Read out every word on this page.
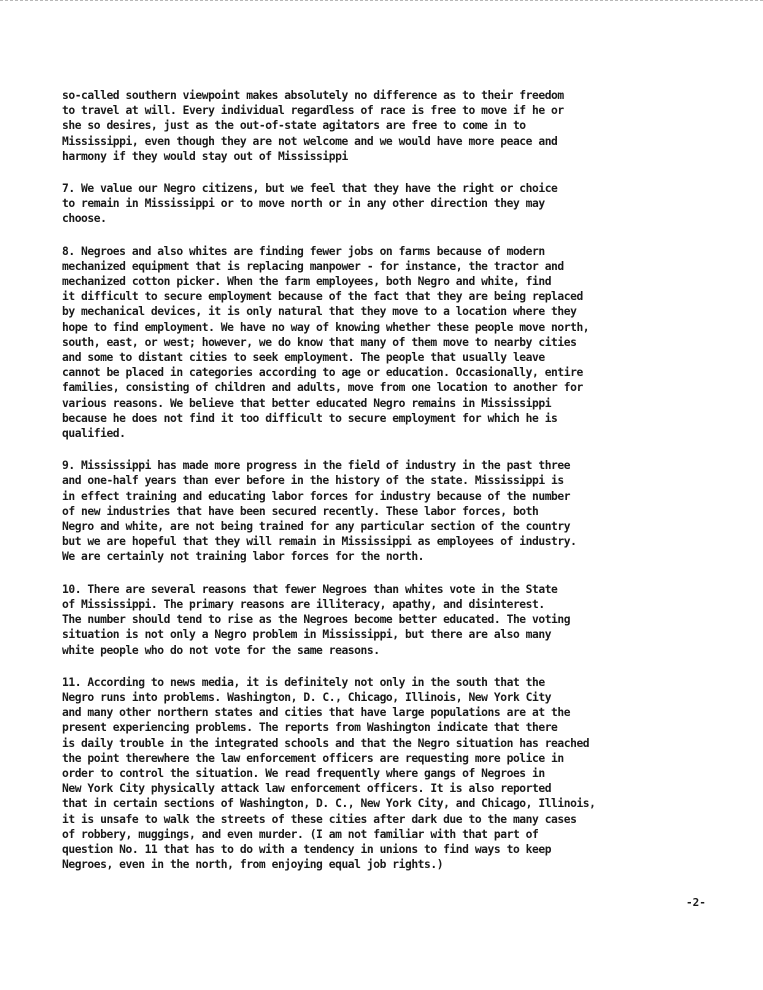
so-called southern viewpoint makes absolutely no difference as to their freedom
to travel at will. Every individual regardless of race is free to move if he or
she so desires, just as the out-of-state agitators are free to come in to
Mississippi, even though they are not welcome and we would have more peace and
harmony if they would stay out of Mississippi

7. We value our Negro citizens, but we feel that they have the right or choice
to remain in Mississippi or to move north or in any other direction they may
choose.

8. Negroes and also whites are finding fewer jobs on farms because of modern
mechanized equipment that is replacing manpower - for instance, the tractor and
mechanized cotton picker. When the farm employees, both Negro and white, find
it difficult to secure employment because of the fact that they are being replaced
by mechanical devices, it is only natural that they move to a location where they
hope to find employment. We have no way of knowing whether these people move north,
south, east, or west; however, we do know that many of them move to nearby cities
and some to distant cities to seek employment. The people that usually leave
cannot be placed in categories according to age or education. Occasionally, entire
families, consisting of children and adults, move from one location to another for
various reasons. We believe that better educated Negro remains in Mississippi
because he does not find it too difficult to secure employment for which he is
qualified.

9. Mississippi has made more progress in the field of industry in the past three
and one-half years than ever before in the history of the state. Mississippi is
in effect training and educating labor forces for industry because of the number
of new industries that have been secured recently. These labor forces, both
Negro and white, are not being trained for any particular section of the country
but we are hopeful that they will remain in Mississippi as employees of industry.
We are certainly not training labor forces for the north.

10. There are several reasons that fewer Negroes than whites vote in the State
of Mississippi. The primary reasons are illiteracy, apathy, and disinterest.
The number should tend to rise as the Negroes become better educated. The voting
situation is not only a Negro problem in Mississippi, but there are also many
white people who do not vote for the same reasons.

11. According to news media, it is definitely not only in the south that the
Negro runs into problems. Washington, D. C., Chicago, Illinois, New York City
and many other northern states and cities that have large populations are at the
present experiencing problems. The reports from Washington indicate that there
is daily trouble in the integrated schools and that the Negro situation has reached
the point therewhere the law enforcement officers are requesting more police in
order to control the situation. We read frequently where gangs of Negroes in
New York City physically attack law enforcement officers. It is also reported
that in certain sections of Washington, D. C., New York City, and Chicago, Illinois,
it is unsafe to walk the streets of these cities after dark due to the many cases
of robbery, muggings, and even murder. (I am not familiar with that part of
question No. 11 that has to do with a tendency in unions to find ways to keep
Negroes, even in the north, from enjoying equal job rights.)

-2-
